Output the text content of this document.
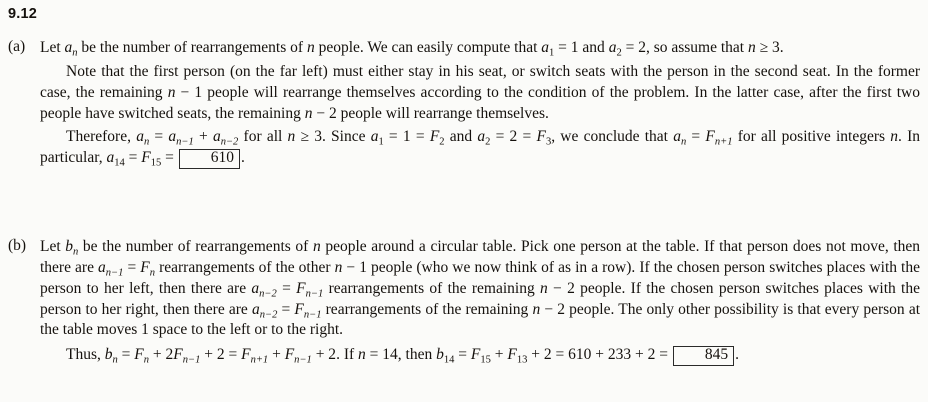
9.12
(a) Let $a_n$ be the number of rearrangements of n people. We can easily compute that $a_1 = 1$ and $a_2 = 2$, so assume that n ≥ 3.

Note that the first person (on the far left) must either stay in his seat, or switch seats with the person in the second seat. In the former case, the remaining n − 1 people will rearrange themselves according to the condition of the problem. In the latter case, after the first two people have switched seats, the remaining n − 2 people will rearrange themselves.

Therefore, $a_n = a_{n-1} + a_{n-2}$ for all n ≥ 3. Since $a_1 = 1 = F_2$ and $a_2 = 2 = F_3$, we conclude that $a_n = F_{n+1}$ for all positive integers n. In particular, $a_{14} = F_{15} = 610$ .

(b) Let $b_n$ be the number of rearrangements of n people around a circular table. Pick one person at the table. If that person does not move, then there are $a_{n-1} = F_n$ rearrangements of the other n − 1 people (who we now think of as in a row). If the chosen person switches places with the person to her left, then there are $a_{n-2} = F_{n-1}$ rearrangements of the remaining n − 2 people. If the chosen person switches places with the person to her right, then there are $a_{n-2} = F_{n-1}$ rearrangements of the remaining n − 2 people. The only other possibility is that every person at the table moves 1 space to the left or to the right.

Thus, $b_n = F_n + 2F_{n-1} + 2 = F_{n+1} + F_{n-1} + 2$. If n = 14, then $b_{14} = F_{15} + F_{13} + 2 = 610 + 233 + 2 = 845$ .
